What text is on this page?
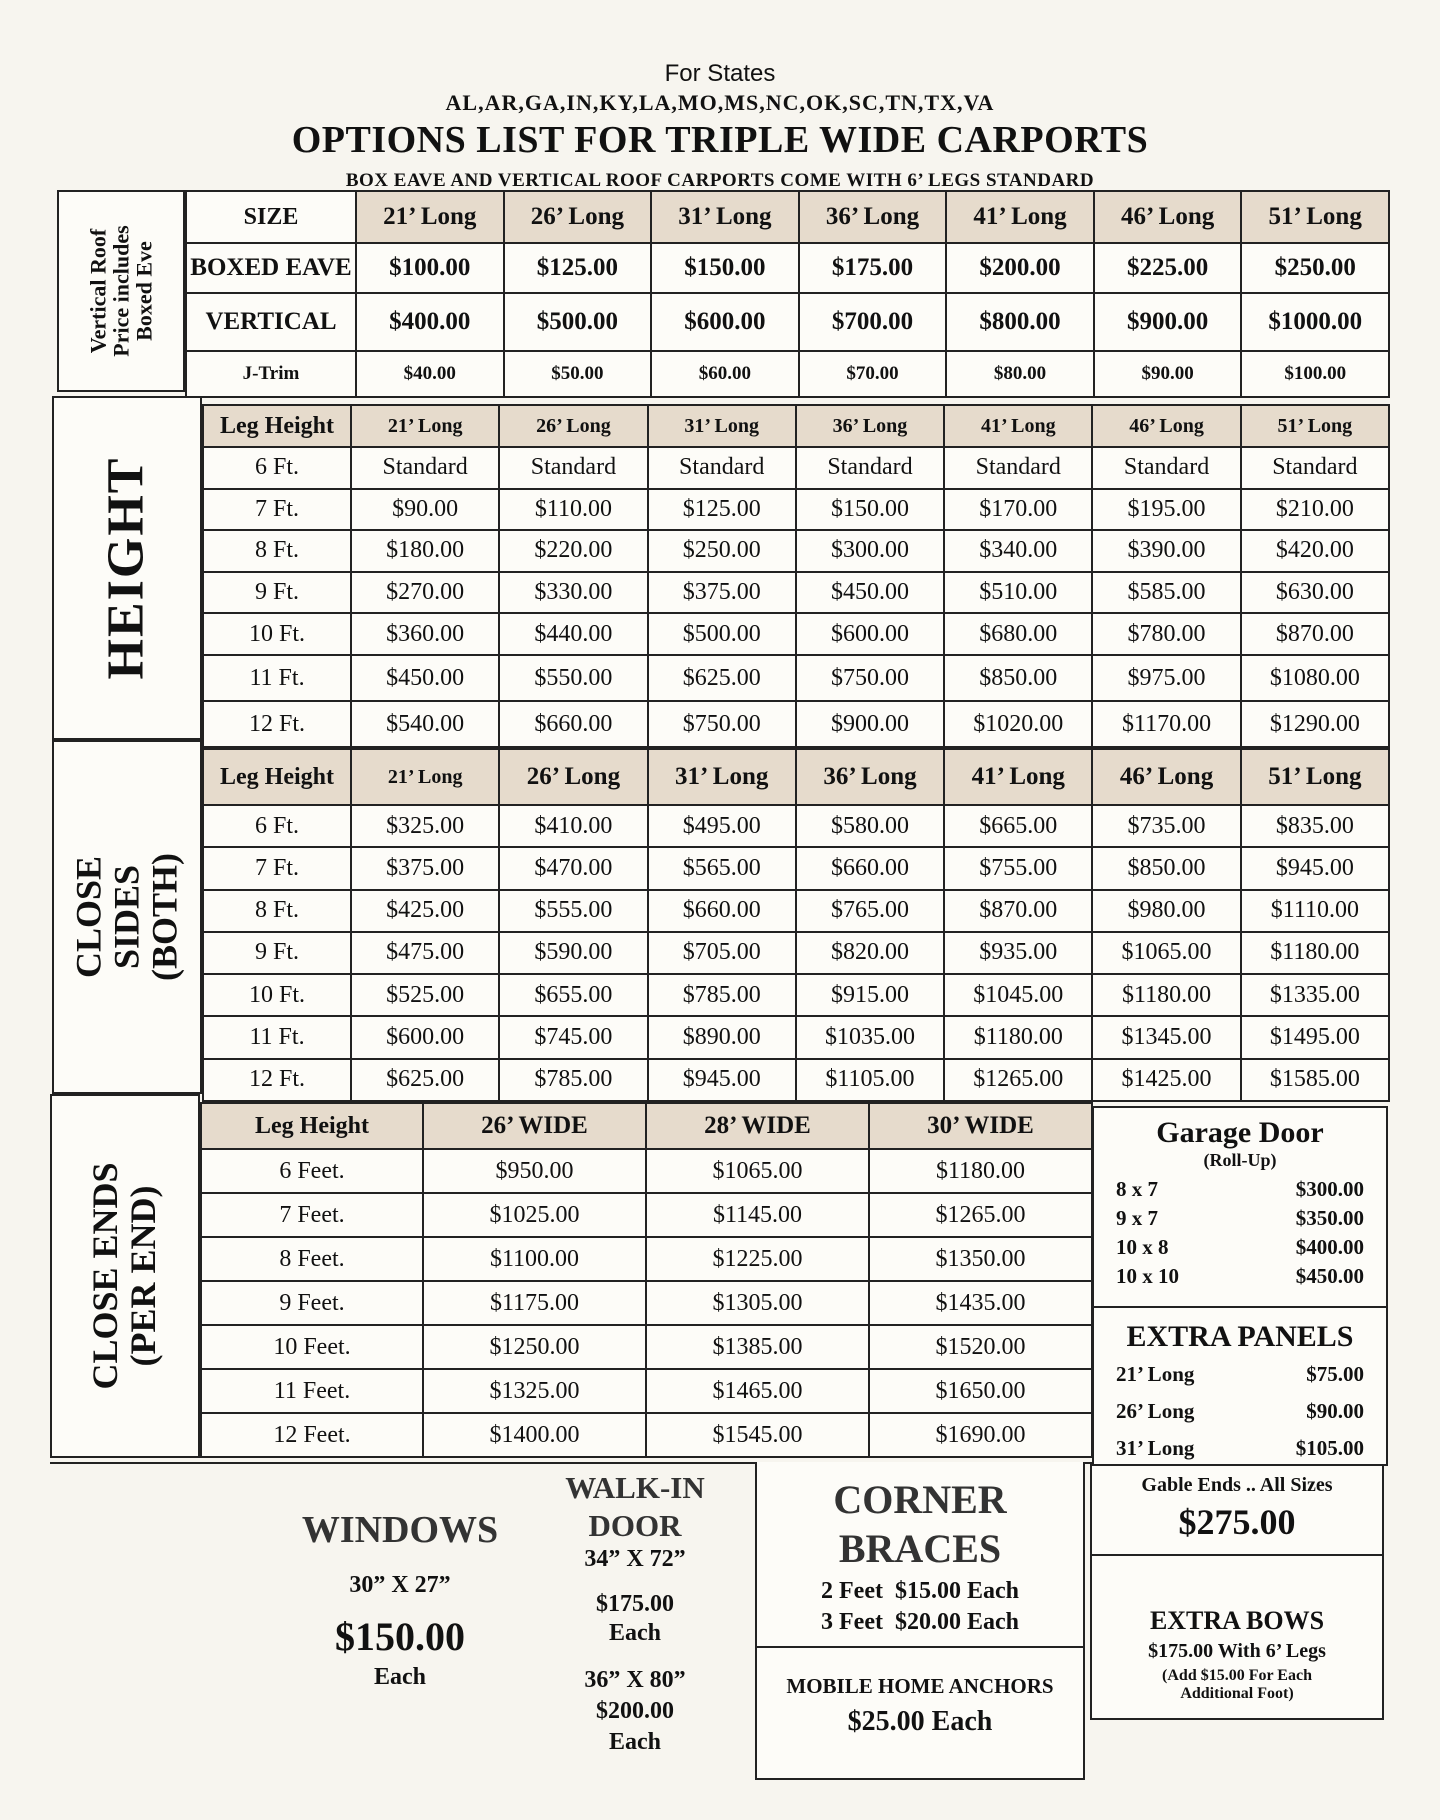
For States
AL,AR,GA,IN,KY,LA,MO,MS,NC,OK,SC,TN,TX,VA
OPTIONS LIST FOR TRIPLE WIDE CARPORTS
BOX EAVE AND VERTICAL ROOF CARPORTS COME WITH 6’ LEGS STANDARD
Vertical Roof
Price includes
Boxed Eve
SIZE	21’ Long	26’ Long	31’ Long	36’ Long	41’ Long	46’ Long	51’ Long
BOXED EAVE	$100.00	$125.00	$150.00	$175.00	$200.00	$225.00	$250.00
VERTICAL	$400.00	$500.00	$600.00	$700.00	$800.00	$900.00	$1000.00
J-Trim	$40.00	$50.00	$60.00	$70.00	$80.00	$90.00	$100.00
HEIGHT
Leg Height	21’ Long	26’ Long	31’ Long	36’ Long	41’ Long	46’ Long	51’ Long
6 Ft.	Standard	Standard	Standard	Standard	Standard	Standard	Standard
7 Ft.	$90.00	$110.00	$125.00	$150.00	$170.00	$195.00	$210.00
8 Ft.	$180.00	$220.00	$250.00	$300.00	$340.00	$390.00	$420.00
9 Ft.	$270.00	$330.00	$375.00	$450.00	$510.00	$585.00	$630.00
10 Ft.	$360.00	$440.00	$500.00	$600.00	$680.00	$780.00	$870.00
11 Ft.	$450.00	$550.00	$625.00	$750.00	$850.00	$975.00	$1080.00
12 Ft.	$540.00	$660.00	$750.00	$900.00	$1020.00	$1170.00	$1290.00
CLOSE
SIDES
(BOTH)
Leg Height	21’ Long	26’ Long	31’ Long	36’ Long	41’ Long	46’ Long	51’ Long
6 Ft.	$325.00	$410.00	$495.00	$580.00	$665.00	$735.00	$835.00
7 Ft.	$375.00	$470.00	$565.00	$660.00	$755.00	$850.00	$945.00
8 Ft.	$425.00	$555.00	$660.00	$765.00	$870.00	$980.00	$1110.00
9 Ft.	$475.00	$590.00	$705.00	$820.00	$935.00	$1065.00	$1180.00
10 Ft.	$525.00	$655.00	$785.00	$915.00	$1045.00	$1180.00	$1335.00
11 Ft.	$600.00	$745.00	$890.00	$1035.00	$1180.00	$1345.00	$1495.00
12 Ft.	$625.00	$785.00	$945.00	$1105.00	$1265.00	$1425.00	$1585.00
CLOSE ENDS
(PER END)
Leg Height	26’ WIDE	28’ WIDE	30’ WIDE
6 Feet.	$950.00	$1065.00	$1180.00
7 Feet.	$1025.00	$1145.00	$1265.00
8 Feet.	$1100.00	$1225.00	$1350.00
9 Feet.	$1175.00	$1305.00	$1435.00
10 Feet.	$1250.00	$1385.00	$1520.00
11 Feet.	$1325.00	$1465.00	$1650.00
12 Feet.	$1400.00	$1545.00	$1690.00
Garage Door
(Roll-Up)
8 x 7	$300.00
9 x 7	$350.00
10 x 8	$400.00
10 x 10	$450.00
EXTRA PANELS
21’ Long	$75.00
26’ Long	$90.00
31’ Long	$105.00
WINDOWS
30” X 27”
$150.00
Each
WALK-IN
DOOR
34” X 72”
$175.00
Each
36” X 80”
$200.00
Each
CORNER
BRACES
2 Feet $15.00 Each
3 Feet $20.00 Each
MOBILE HOME ANCHORS
$25.00 Each
Gable Ends .. All Sizes
$275.00
EXTRA BOWS
$175.00 With 6’ Legs
(Add $15.00 For Each
Additional Foot)
